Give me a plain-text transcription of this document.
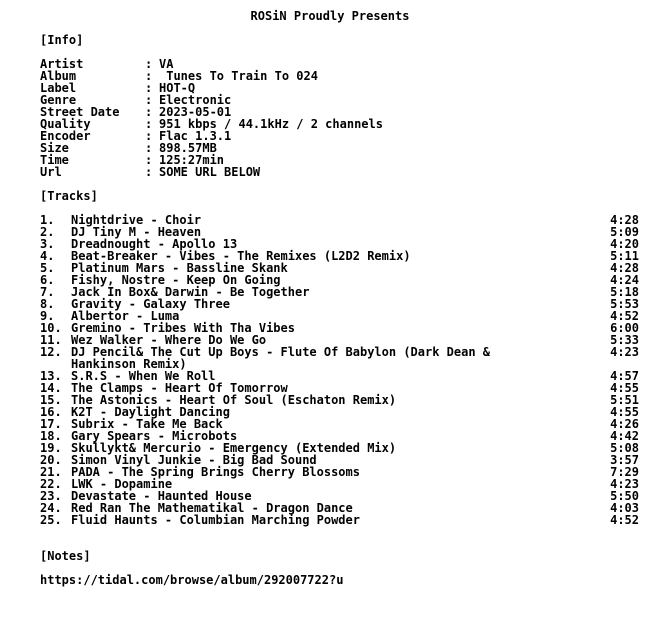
ROSiN Proudly Presents
[Info]
Artist	: VA
Album	: Tunes To Train To 024
Label	: HOT-Q
Genre	: Electronic
Street Date : 2023-05-01
Quality	: 951 kbps / 44.1kHz / 2 channels
Encoder	: Flac 1.3.1
Size	: 898.57MB
Time	: 125:27min
Url	: SOME URL BELOW
[Tracks]
1. Nightdrive - Choir	4:28
2. DJ Tiny M - Heaven	5:09
3. Dreadnought - Apollo 13	4:20
4. Beat-Breaker - Vibes - The Remixes (L2D2 Remix)	5:11
5. Platinum Mars - Bassline Skank	4:28
6. Fishy, Nostre - Keep On Going	4:24
7. Jack In Box& Darwin - Be Together	5:18
8. Gravity - Galaxy Three	5:53
9. Albertor - Luma	4:52
10. Gremino - Tribes With Tha Vibes	6:00
11. Wez Walker - Where Do We Go	5:33
12. DJ Pencil& The Cut Up Boys - Flute Of Babylon (Dark Dean &
Hankinson Remix)
4:23
13. S.R.S - When We Roll	4:57
14. The Clamps - Heart Of Tomorrow	4:55
15. The Astonics - Heart Of Soul (Eschaton Remix)	5:51
16. K2T - Daylight Dancing	4:55
17. Subrix - Take Me Back	4:26
18. Gary Spears - Microbots	4:42
19. Skullykt& Mercurio - Emergency (Extended Mix)	5:08
20. Simon Vinyl Junkie - Big Bad Sound	3:57
21. PADA - The Spring Brings Cherry Blossoms	7:29
22. LWK - Dopamine	4:23
23. Devastate - Haunted House	5:50
24. Red Ran The Mathematikal - Dragon Dance	4:03
25. Fluid Haunts - Columbian Marching Powder	4:52
[Notes]
https://tidal.com/browse/album/292007722?u
